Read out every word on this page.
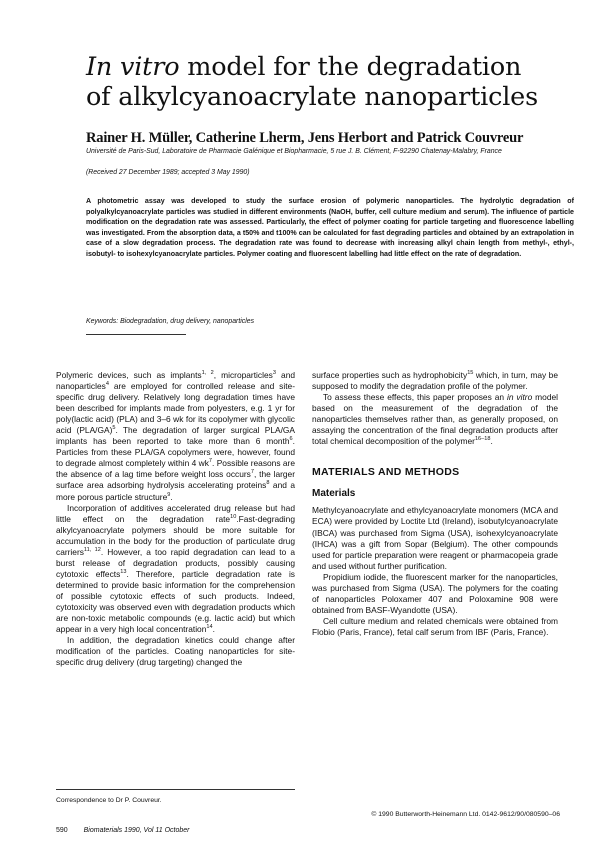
In vitro model for the degradation
of alkylcyanoacrylate nanoparticles
Rainer H. Müller, Catherine Lherm, Jens Herbort and Patrick Couvreur
Université de Paris-Sud, Laboratoire de Pharmacie Galénique et Biopharmacie, 5 rue J. B. Clément, F-92290 Chatenay-Malabry, France
(Received 27 December 1989; accepted 3 May 1990)
A photometric assay was developed to study the surface erosion of polymeric nanoparticles. The hydrolytic degradation of polyalkylcyanoacrylate particles was studied in different environments (NaOH, buffer, cell culture medium and serum). The influence of particle modification on the degradation rate was assessed. Particularly, the effect of polymer coating for particle targeting and fluorescence labelling was investigated. From the absorption data, a t50% and t100% can be calculated for fast degrading particles and obtained by an extrapolation in case of a slow degradation process. The degradation rate was found to decrease with increasing alkyl chain length from methyl-, ethyl-, isobutyl- to isohexylcyanoacrylate particles. Polymer coating and fluorescent labelling had little effect on the rate of degradation.
Keywords: Biodegradation, drug delivery, nanoparticles

Polymeric devices, such as implants$^{1, 2}$, microparticles$^3$ and nanoparticles$^4$ are employed for controlled release and site-specific drug delivery. Relatively long degradation times have been described for implants made from polyesters, e.g. 1 yr for poly(lactic acid) (PLA) and 3–6 wk for its copolymer with glycolic acid $(PLA/GA)^5$. The degradation of larger surgical PLA/GA implants has been reported to take more than 6 month$^6$. Particles from these PLA/GA copolymers were, however, found to degrade almost completely within 4 $wk^7$. Possible reasons are the absence of a lag time before weight loss occurs$^7$, the larger surface area adsorbing hydrolysis accelerating proteins$^8$ and a more porous particle structure$^9$.

Incorporation of additives accelerated drug release but had little effect on the degradation rate$^{10}$.Fast-degrading alkylcyanoacrylate polymers should be more suitable for accumulation in the body for the production of particulate drug carriers$^{11, 12}$. However, a too rapid degradation can lead to a burst release of degradation products, possibly causing cytotoxic effects$^{13}$. Therefore, particle degradation rate is determined to provide basic information for the comprehension of possible cytotoxic effects of such products. Indeed, cytotoxicity was observed even with degradation products which are non-toxic metabolic compounds (e.g. lactic acid) but which appear in a very high local concentration$^{14}$.

In addition, the degradation kinetics could change after modification of the particles. Coating nanoparticles for site-specific drug delivery (drug targeting) changed the

surface properties such as hydrophobicity$^{15}$ which, in turn, may be supposed to modify the degradation profile of the polymer.

To assess these effects, this paper proposes an in vitro model based on the measurement of the degradation of the nanoparticles themselves rather than, as generally proposed, on assaying the concentration of the final degradation products after total chemical decomposition of the polymer$^{16-18}$.

MATERIALS AND METHODS
Materials

Methylcyanoacrylate and ethylcyanoacrylate monomers (MCA and ECA) were provided by Loctite Ltd (Ireland), isobutylcyanoacrylate (IBCA) was purchased from Sigma (USA), isohexylcyanoacrylate (IHCA) was a gift from Sopar (Belgium). The other compounds used for particle preparation were reagent or pharmacopeia grade and used without further purification.

Propidium iodide, the fluorescent marker for the nanoparticles, was purchased from Sigma (USA). The polymers for the coating of nanoparticles Poloxamer 407 and Poloxamine 908 were obtained from BASF-Wyandotte (USA).

Cell culture medium and related chemicals were obtained from Flobio (Paris, France), fetal calf serum from IBF (Paris, France).

Correspondence to Dr P. Couvreur.
© 1990 Butterworth-Heinemann Ltd. 0142-9612/90/080590–06
590 Biomaterials 1990, Vol 11 October
